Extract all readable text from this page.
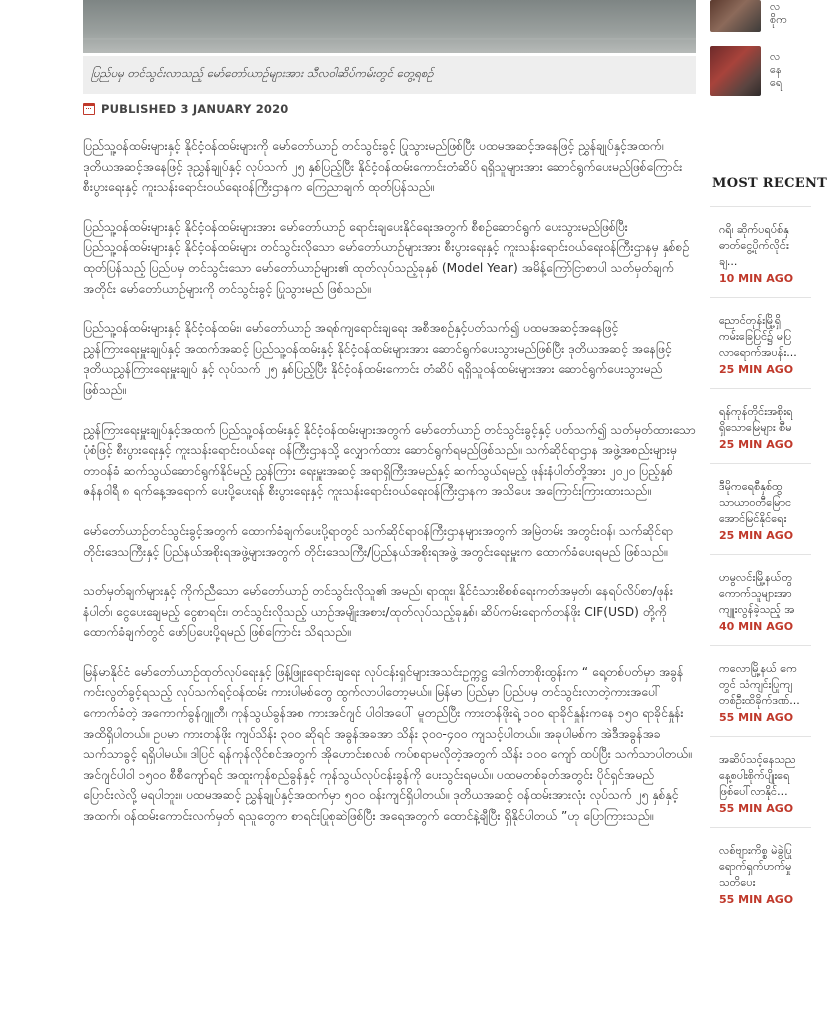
ပြည်ပမှ တင်သွင်းလာသည့် မော်တော်ယာဉ်များအား သီလဝါဆိပ်ကမ်းတွင် တွေ့ရစဉ်
PUBLISHED 3 JANUARY 2020

ပြည်သူ့ဝန်ထမ်းများနှင့် နိုင်ငံ့ဝန်ထမ်းများကို မော်တော်ယာဉ် တင်သွင်းခွင့် ပြုသွားမည်ဖြစ်ပြီး ပထမအဆင့်အနေဖြင့် ညွှန်ချုပ်နှင့်အထက်၊ ဒုတိယအဆင့်အနေဖြင့် ဒုညွှန်ချုပ်နှင့် လုပ်သက် ၂၅ နှစ်ပြည့်ပြီး နိုင်ငံ့ဝန်ထမ်းကောင်းတံဆိပ် ရရှိသူများအား ဆောင်ရွက်ပေးမည်ဖြစ်ကြောင်း စီးပွားရေးနှင့် ကူးသန်းရောင်းဝယ်ရေးဝန်ကြီးဌာနက ကြေညာချက် ထုတ်ပြန်သည်။

ပြည်သူ့ဝန်ထမ်းများနှင့် နိုင်ငံ့ဝန်ထမ်းများအား မော်တော်ယာဉ် ရောင်းချပေးနိုင်ရေးအတွက် စီစဉ်ဆောင်ရွက် ပေးသွားမည်ဖြစ်ပြီး ပြည်သူ့ဝန်ထမ်းများနှင့် နိုင်ငံ့ဝန်ထမ်းများ တင်သွင်းလိုသော မော်တော်ယာဉ်များအား စီးပွားရေးနှင့် ကူးသန်းရောင်းဝယ်ရေးဝန်ကြီးဌာနမှ နှစ်စဉ်ထုတ်ပြန်သည့် ပြည်ပမှ တင်သွင်းသော မော်တော်ယာဉ်များ၏ ထုတ်လုပ်သည့်ခုနှစ် (Model Year) အမိန့်ကြော်ငြာစာပါ သတ်မှတ်ချက်အတိုင်း မော်တော်ယာဉ်များကို တင်သွင်းခွင့် ပြုသွားမည် ဖြစ်သည်။

ပြည်သူ့ဝန်ထမ်းများနှင့် နိုင်ငံ့ဝန်ထမ်း၊ မော်တော်ယာဉ် အရစ်ကျရောင်းချရေး အစီအစဉ်နှင့်ပတ်သက်၍ ပထမအဆင့်အနေဖြင့် ညွှန်ကြားရေးမှူးချုပ်နှင့် အထက်အဆင့် ပြည်သူ့ဝန်ထမ်းနှင့် နိုင်ငံ့ဝန်ထမ်းများအား ဆောင်ရွက်ပေးသွားမည်ဖြစ်ပြီး ဒုတိယအဆင့် အနေဖြင့် ဒုတိယညွှန်ကြားရေးမှူးချုပ် နှင့် လုပ်သက် ၂၅ နှစ်ပြည့်ပြီး နိုင်ငံ့ဝန်ထမ်းကောင်း တံဆိပ် ရရှိသူဝန်ထမ်းများအား ဆောင်ရွက်ပေးသွားမည် ဖြစ်သည်။

ညွှန်ကြားရေးမှူးချုပ်နှင့်အထက် ပြည်သူ့ဝန်ထမ်းနှင့် နိုင်ငံ့ဝန်ထမ်းများအတွက် မော်တော်ယာဉ် တင်သွင်းခွင့်နှင့် ပတ်သက်၍ သတ်မှတ်ထားသောပုံစံဖြင့် စီးပွားရေးနှင့် ကူးသန်းရောင်းဝယ်ရေး ဝန်ကြီးဌာနသို့ လျှောက်ထား ဆောင်ရွက်ရမည်ဖြစ်သည်။ သက်ဆိုင်ရာဌာန အဖွဲ့အစည်းများမှ တာဝန်ခံ ဆက်သွယ်ဆောင်ရွက်နိုင်မည့် ညွှန်ကြား ရေးမှူးအဆင့် အရာရှိကြီးအမည်နှင့် ဆက်သွယ်ရမည့် ဖုန်းနံပါတ်တို့အား ၂၀၂၀ ပြည့်နှစ် ဇန်နဝါရီ ၈ ရက်နေ့အရောက် ပေးပို့ပေးရန် စီးပွားရေးနှင့် ကူးသန်းရောင်းဝယ်ရေးဝန်ကြီးဌာနက အသိပေး အကြောင်းကြားထားသည်။

မော်တော်ယာဉ်တင်သွင်းခွင့်အတွက် ထောက်ခံချက်ပေးပို့ရာတွင် သက်ဆိုင်ရာဝန်ကြီးဌာနများအတွက် အမြဲတမ်း အတွင်းဝန်၊ သက်ဆိုင်ရာ တိုင်းဒေသကြီးနှင့် ပြည်နယ်အစိုးရအဖွဲ့များအတွက် တိုင်းဒေသကြီး/ပြည်နယ်အစိုးရအဖွဲ့ အတွင်းရေးမှူးက ထောက်ခံပေးရမည် ဖြစ်သည်။

သတ်မှတ်ချက်များနှင့် ကိုက်ညီသော မော်တော်ယာဉ် တင်သွင်းလိုသူ၏ အမည်၊ ရာထူး၊ နိုင်ငံသားစိစစ်ရေးကတ်အမှတ်၊ နေရပ်လိပ်စာ/ဖုန်းနံပါတ်၊ ငွေပေးချေမည့် ငွေစာရင်း၊ တင်သွင်းလိုသည့် ယာဉ်အမျိုးအစား/ထုတ်လုပ်သည့်ခုနှစ်၊ ဆိပ်ကမ်းရောက်တန်ဖိုး CIF(USD) တို့ကို ထောက်ခံချက်တွင် ဖော်ပြပေးပို့ရမည် ဖြစ်ကြောင်း သိရသည်။

မြန်မာနိုင်ငံ မော်တော်ယာဉ်ထုတ်လုပ်ရေးနှင့် ဖြန့်ဖြူးရောင်းချရေး လုပ်ငန်းရှင်များအသင်းဥက္ကဋ္ဌ ဒေါက်တာစိုးထွန်းက “ ရေ့တစ်ပတ်မှာ အခွန်ကင်းလွတ်ခွင့်ရသည့် လုပ်သက်ရင့်ဝန်ထမ်း ကားပါမစ်တွေ ထွက်လာပါတော့မယ်။ မြန်မာ ပြည်မှာ ပြည်ပမှ တင်သွင်းလာတဲ့ကားအပေါ် ကောက်ခံတဲ့ အကောက်ခွန်ဂျူတီ၊ ကုန်သွယ်ခွန်အစ ကားအင်ဂျင် ပါဝါအပေါ် မူတည်ပြီး ကားတန်ဖိုးရဲ့ ၁၀၀ ရာခိုင်နှုန်းကနေ ၁၅၀ ရာခိုင်နှုန်း အထိရှိပါတယ်။ ဥပမာ ကားတန်ဖိုး ကျပ်သိန်း ၃၀၀ ဆိုရင် အခွန်အခအာ သိန်း ၃၀၀-၄၀၀ ကျသင့်ပါတယ်။ အခုပါမစ်က အဲဒီအခွန်အခ သက်သာခွင့် ရရှိပါမယ်။ ဒါပြင် ရန်ကုန်လိုင်စင်အတွက် အိုဟောင်းစလစ် ကပ်စရာမလိုတဲ့အတွက် သိန်း ၁၀၀ ကျော် ထပ်ပြီး သက်သာပါတယ်။ အင်ဂျင်ပါဝါ ၁၅၀၀ စီစီကျော်ရင် အထူးကုန်စည်ခွန်နှင့် ကုန်သွယ်လုပ်ငန်းခွန်ကို ပေးသွင်းရမယ်။ ပထမတစ်ခုတ်အတွင်း ပိုင်ရှင်အမည် ပြောင်းလဲလို့ မရပါဘူး။ ပထမအဆင့် ညွှန်ချုပ်နှင့်အထက်မှာ ၅၀၀ ဝန်းကျင်ရှိပါတယ်။ ဒုတိယအဆင့် ဝန်ထမ်းအားလုံး လုပ်သက် ၂၅ နှစ်နှင့်အထက်၊ ဝန်ထမ်းကောင်းလက်မှတ် ရသူတွေက စာရင်းပြုစုဆဲဖြစ်ပြီး အရေအတွက် ထောင်နဲ့ချီပြီး ရှိနိုင်ပါတယ် ”ဟု ပြောကြားသည်။

လ
စိုက
လ
နေ
ရေ
MOST RECENT
ဂရိ၊ ဆိုက်ပရပ်စ်နှ
ဓာတ်ငွေ့ပိုက်လိုင်း
ချ...
10 MIN AGO
ညောင်တုန်းမြို့ရှိ
ကမ်းခြေပြင်၌ မပြ
လာရောက်အပန်း...
25 MIN AGO
ရန်ကုန်တိုင်းအစိုးရ
ရှိသောမြေများ စီမ
25 MIN AGO
ဒီမိုကရေစီနှစ်ထွ
သာယာဝတီမြောင
အောင်မြင်နိုင်ရေး
25 MIN AGO
ဟမွလင်းမြို့နယ်တွ
ကောက်သူများအာ
ကျူးလွန်ခဲ့သည့် အ
40 MIN AGO
ကလောမြို့နယ် ကေ
တွင် သံကျင်းပြုကျ
တစ်ဦးထိခိုက်ဒဏ်...
55 MIN AGO
အဆိပ်သင့်နေသည
နေ့စပါးစိုက်ပျိုးရေ
ဖြစ်ပေါ်လာနိုင်...
55 MIN AGO
လစ်ဗျားကိစ္စ မဲခွဲပြု
ရောက်ရှက်ဟက်မှု
သတိပေး
55 MIN AGO
